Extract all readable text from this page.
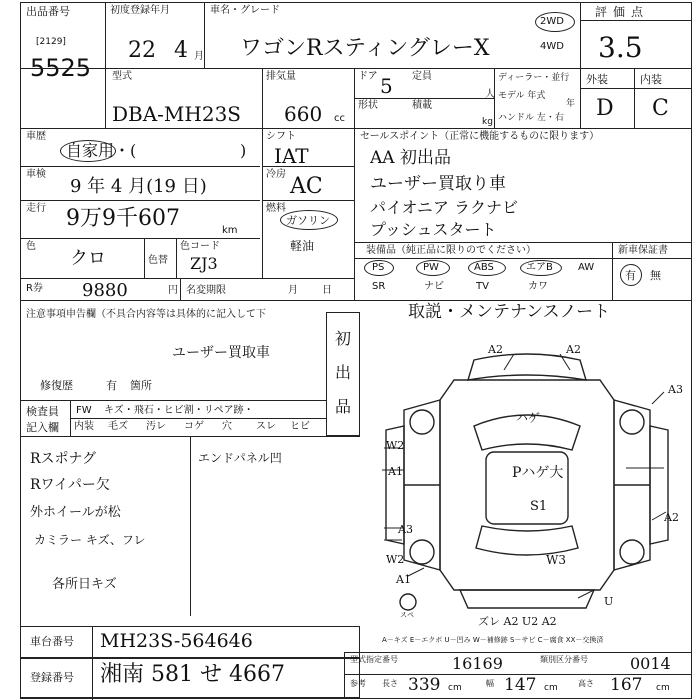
出品番号
[2129]
5525
初度登録年月
22 4 月
車名・グレード
ワゴンRスティングレーX
2WD
4WD
評価点
3.5
型式
DBA-MH23S
排気量
660 cc
ドア 5 定員
人
形状	積載
kg
ディーラー・並行
モデル 年式
年
ハンドル 左・右
外装	内装
D C
車歴
自家用・(	)
車検
9 年 4 月(19 日)
走行 9万9千607	km
色
クロ	色替
色コード
ZJ3
R券 9880	円 名変期限	月 日
シフト
IAT
冷房 AC
燃料
ガソリン
軽油
セールスポイント（正常に機能するものに限ります）
AA 初出品
ユーザー買取り車
パイオニア ラクナビ
プッシュスタート
装備品（純正品に限りのでください）	新車保証書
PS	PW	ABS	エアB	AW
SR	ナビ	TV	カワ
有 無
注意事項申告欄（不具合内容等は具体的に記入して下
ユーザー買取車
修復歴	有 箇所
初出品
取説・メンテナンスノート
検査員
記入欄
FW キズ・飛石・ヒビ割・リペア跡・
内装 毛ズ 汚レ コゲ 穴 スレ ヒビ
Rスポナグ
Rワイパー欠
外ホイールが松
カミラー キズ、フレ
各所日キズ
エンドパネル凹
A2	A2
A3
A3
ハゲ
W2
A1	Pハゲ大
S1
W3
W2
A2
A1
U
ズレ A2 U2 A2
スペ
A－キズ E－エクボ U－凹み W－補修跡 S－サビ C－腐食 XX－交換済
車台番号 MH23S-564646
登録番号 湘南 581 せ 4667
型式指定番号	16169	類別区分番号	0014
参考 長さ 339 cm	幅 147 cm	高さ 167 cm
